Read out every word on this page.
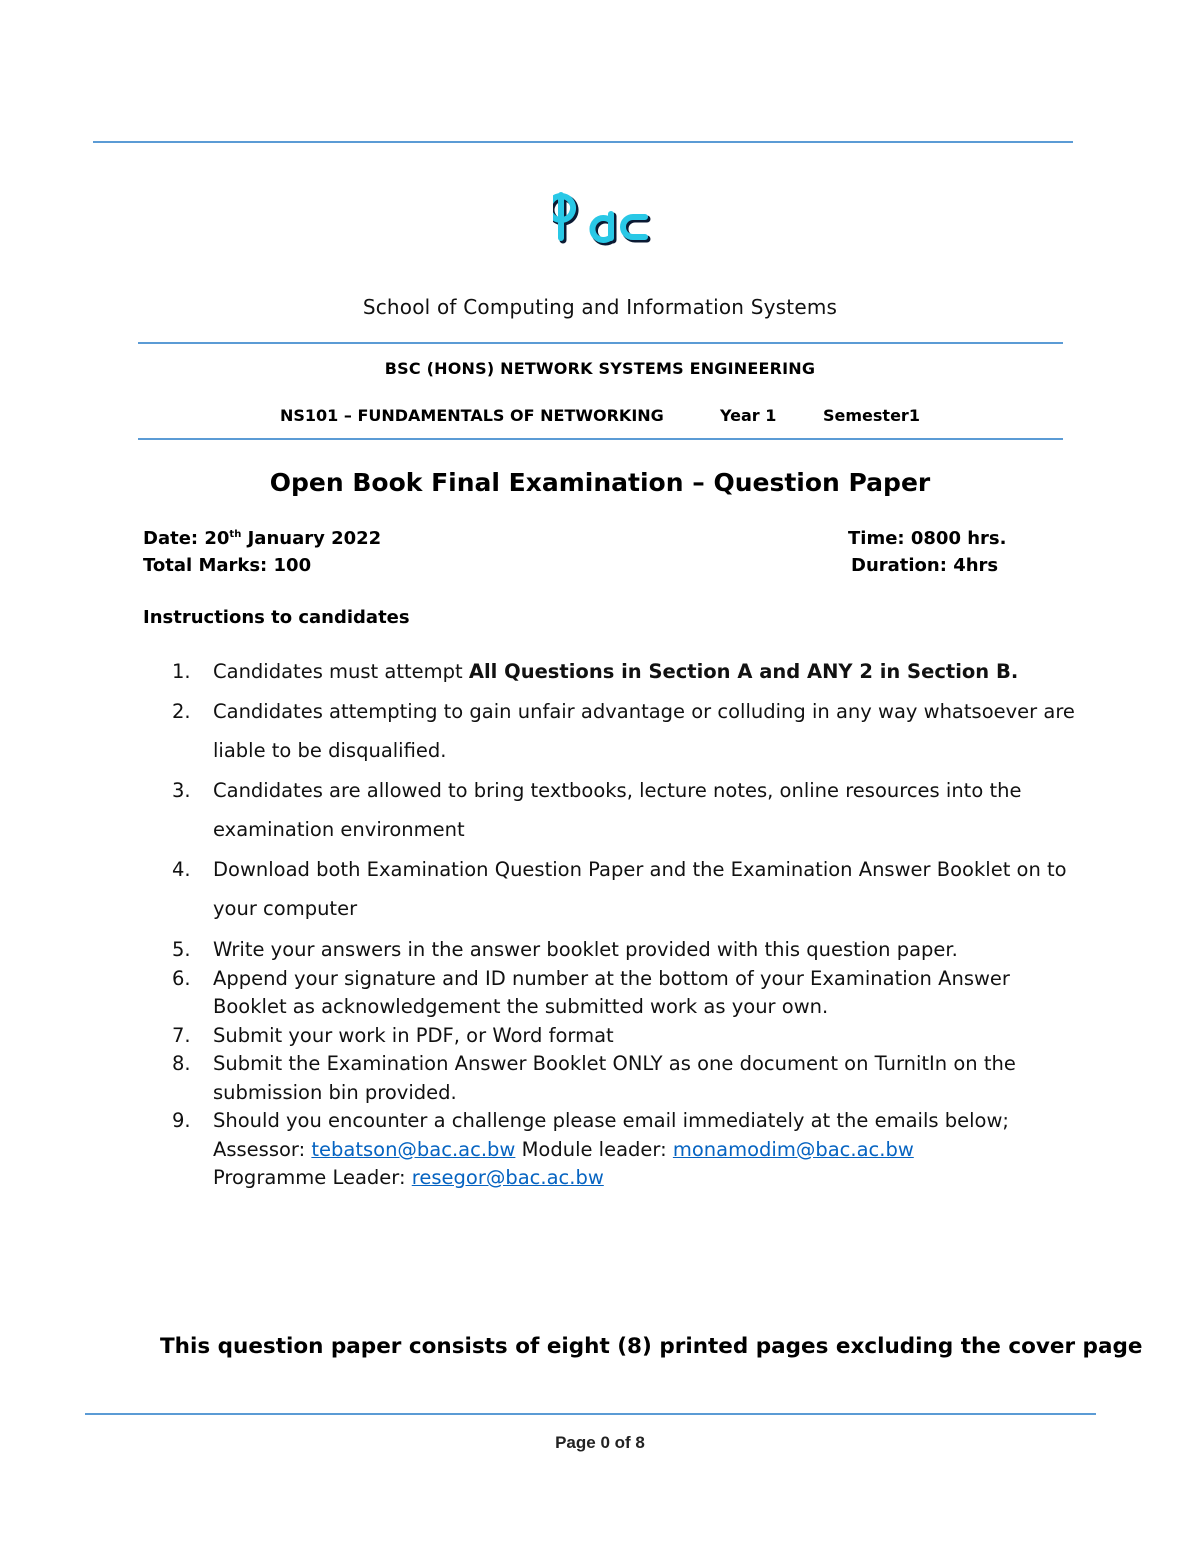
School of Computing and Information Systems
BSC (HONS) NETWORK SYSTEMS ENGINEERING
NS101 – FUNDAMENTALS OF NETWORKING	Year 1	Semester1
Open Book Final Examination – Question Paper
Date: 20th January 2022	Time: 0800 hrs.
Total Marks: 100	Duration: 4hrs
Instructions to candidates
1. Candidates must attempt All Questions in Section A and ANY 2 in Section B.
2. Candidates attempting to gain unfair advantage or colluding in any way whatsoever are liable to be disqualified.
3. Candidates are allowed to bring textbooks, lecture notes, online resources into the examination environment
4. Download both Examination Question Paper and the Examination Answer Booklet on to your computer
5. Write your answers in the answer booklet provided with this question paper.
6. Append your signature and ID number at the bottom of your Examination Answer Booklet as acknowledgement the submitted work as your own.
7. Submit your work in PDF, or Word format
8. Submit the Examination Answer Booklet ONLY as one document on TurnitIn on the submission bin provided.
9. Should you encounter a challenge please email immediately at the emails below; Assessor: tebatson@bac.ac.bw Module leader: monamodim@bac.ac.bw
Programme Leader: resegor@bac.ac.bw
This question paper consists of eight (8) printed pages excluding the cover page
Page 0 of 8
